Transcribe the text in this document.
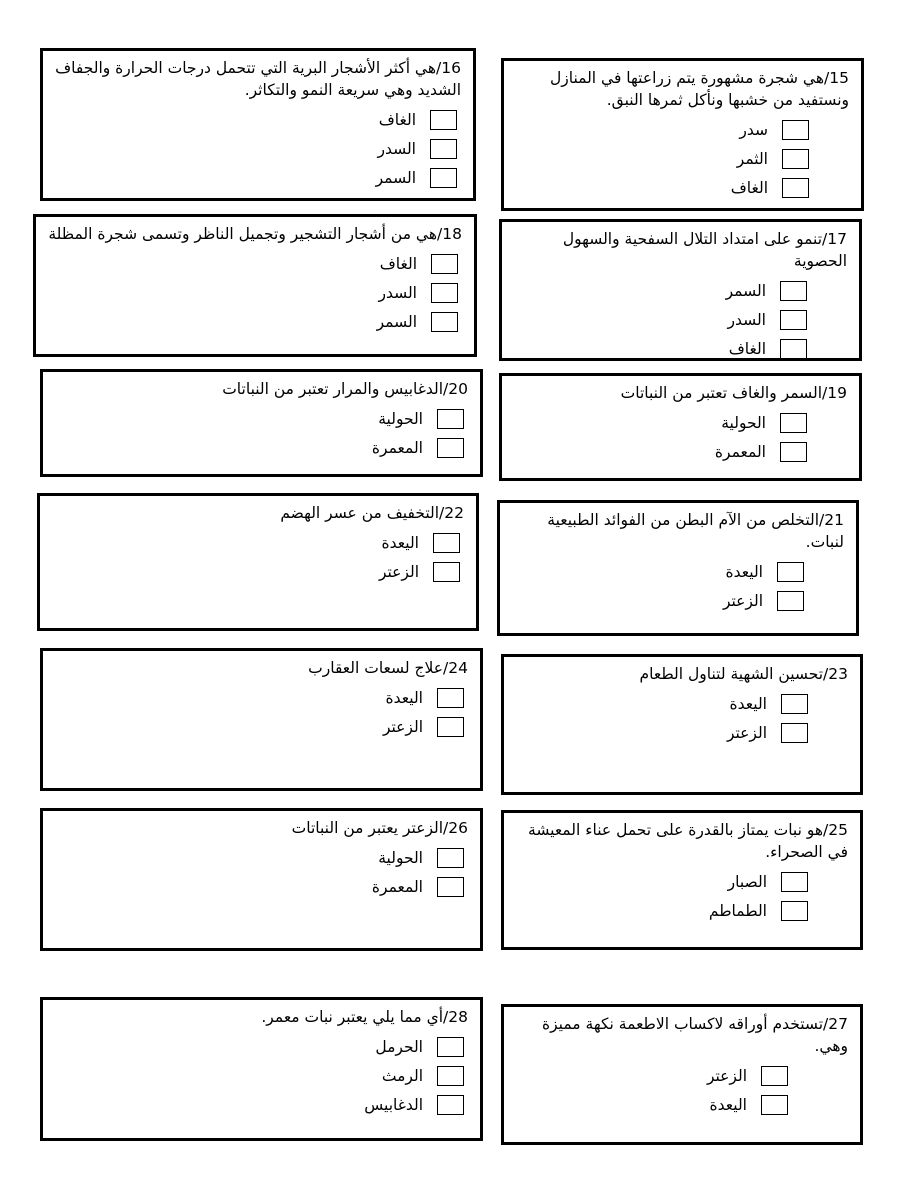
15/هي شجرة مشهورة يتم زراعتها في المنازل ونستفيد من خشبها ونأكل ثمرها النبق.

سدر
الثمر
الغاف

16/هي أكثر الأشجار البرية التي تتحمل درجات الحرارة والجفاف الشديد وهي سريعة النمو والتكاثر.

الغاف
السدر
السمر

17/تنمو على امتداد التلال السفحية والسهول الحصوية

السمر
السدر
الغاف

18/هي من أشجار التشجير وتجميل الناظر وتسمى شجرة المظلة

الغاف
السدر
السمر

19/السمر والغاف تعتبر من النباتات

الحولية
المعمرة

20/الدغابيس والمرار تعتبر من النباتات

الحولية
المعمرة

21/التخلص من الآم البطن من الفوائد الطبيعية لنبات.

اليعدة
الزعتر

22/التخفيف من عسر الهضم

اليعدة
الزعتر

23/تحسين الشهية لتناول الطعام

اليعدة
الزعتر

24/علاج لسعات العقارب

اليعدة
الزعتر

25/هو نبات يمتاز بالقدرة على تحمل عناء المعيشة في الصحراء.

الصبار
الطماطم

26/الزعتر يعتبر من النباتات

الحولية
المعمرة

27/تستخدم أوراقه لاكساب الاطعمة نكهة مميزة وهي.

الزعتر
اليعدة

28/أي مما يلي يعتبر نبات معمر.

الحرمل
الرمث
الدغابيس
